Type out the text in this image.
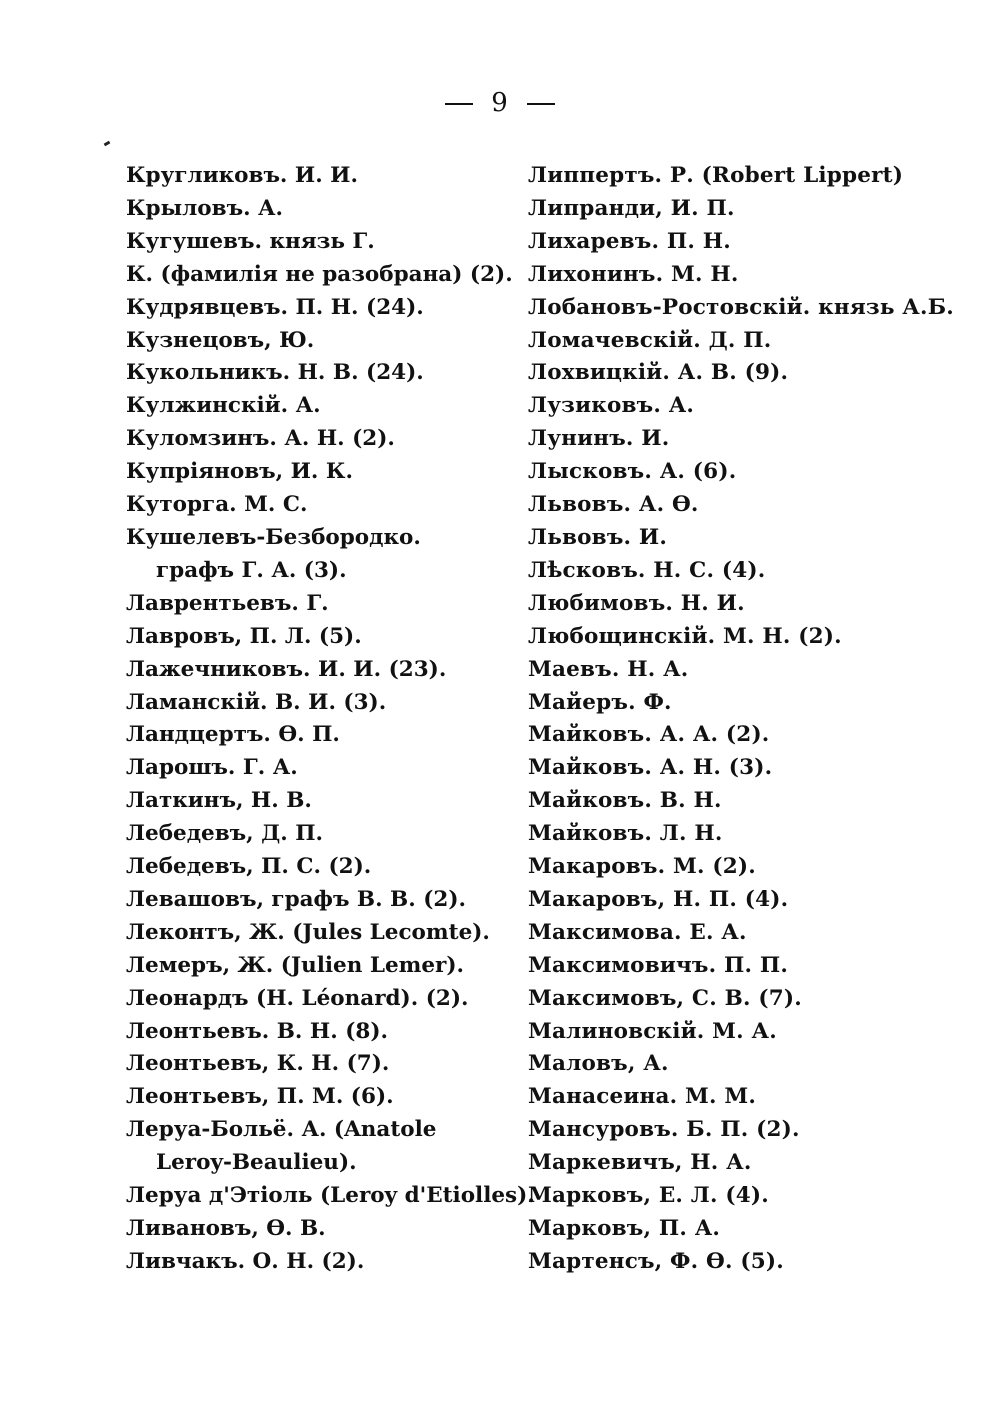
9
Кругликовъ. И. И.
Крыловъ. А.
Кугушевъ. князь Г.
К. (фамилія не разобрана) (2).
Кудрявцевъ. П. Н. (24).
Кузнецовъ, Ю.
Кукольникъ. Н. В. (24).
Кулжинскій. А.
Куломзинъ. А. Н. (2).
Купріяновъ, И. К.
Куторга. М. С.
Кушелевъ-Безбородко. графъ Г. А. (3).
Лаврентьевъ. Г.
Лавровъ, П. Л. (5).
Лажечниковъ. И. И. (23).
Ламанскій. В. И. (3).
Ландцертъ. Ѳ. П.
Ларошъ. Г. А.
Латкинъ, Н. В.
Лебедевъ, Д. П.
Лебедевъ, П. С. (2).
Левашовъ, графъ В. В. (2).
Леконтъ, Ж. (Jules Lecomte).
Лемеръ, Ж. (Julien Lemer).
Леонардъ (Н. Léonard). (2).
Леонтьевъ. В. Н. (8).
Леонтьевъ, К. Н. (7).
Леонтьевъ, П. М. (6).
Леруа-Больё. А. (Anatole Leroy-Beaulieu).
Леруа д'Этіоль (Leroy d'Etiolles).
Ливановъ, Ѳ. В.
Ливчакъ. О. Н. (2).
Липпертъ. Р. (Robert Lippert)
Липранди, И. П.
Лихаревъ. П. Н.
Лихонинъ. М. Н.
Лобановъ-Ростовскій. князь А.Б.
Ломачевскій. Д. П.
Лохвицкій. А. В. (9).
Лузиковъ. А.
Лунинъ. И.
Лысковъ. А. (6).
Львовъ. А. Ѳ.
Львовъ. И.
Лѣсковъ. Н. С. (4).
Любимовъ. Н. И.
Любощинскій. М. Н. (2).
Маевъ. Н. А.
Майеръ. Ф.
Майковъ. А. А. (2).
Майковъ. А. Н. (3).
Майковъ. В. Н.
Майковъ. Л. Н.
Макаровъ. М. (2).
Макаровъ, Н. П. (4).
Максимова. Е. А.
Максимовичъ. П. П.
Максимовъ, С. В. (7).
Малиновскій. М. А.
Маловъ, А.
Манасеина. М. М.
Мансуровъ. Б. П. (2).
Маркевичъ, Н. А.
Марковъ, Е. Л. (4).
Марковъ, П. А.
Мартенсъ, Ф. Ѳ. (5).
